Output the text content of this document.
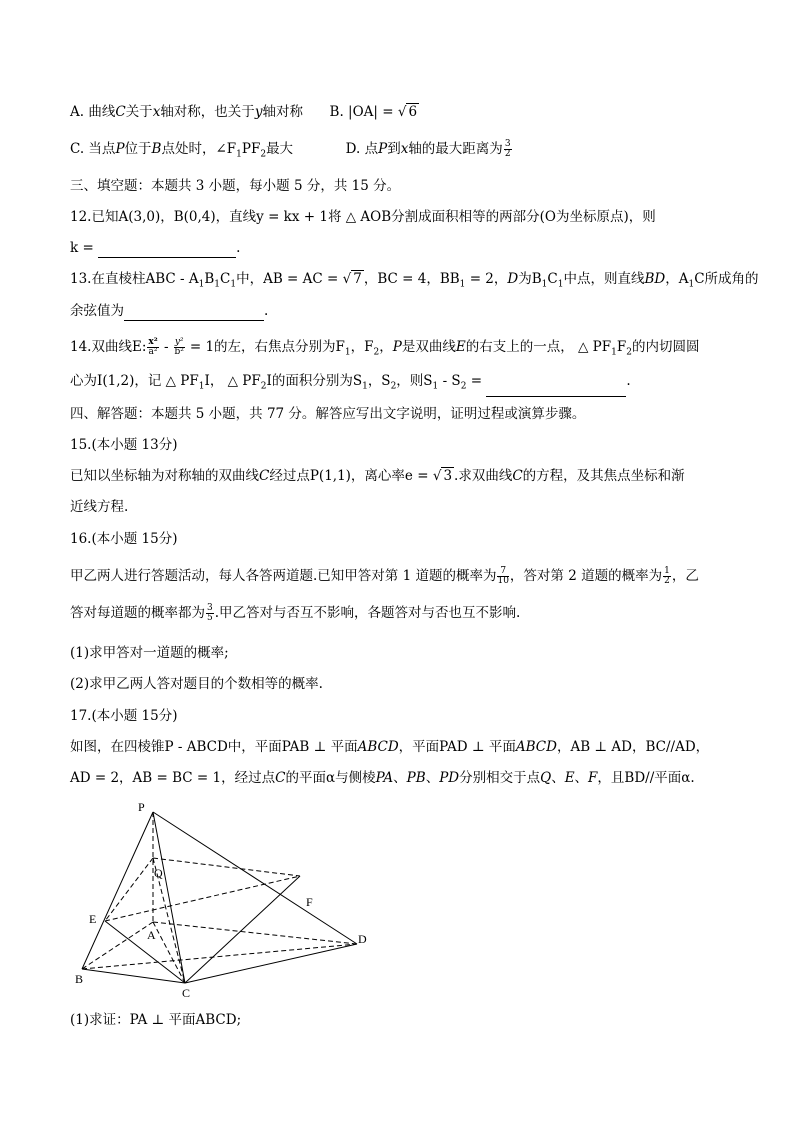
A. 曲线C关于x轴对称，也关于y轴对称 B. |OA| = √ 6
C. 当点P位于B点处时，$\angle F_1PF_2$最大	D. 点P到x轴的最大距离为 $\frac{3}{2}$
三、填空题：本题共 3 小题，每小题 5 分，共 15 分。
12.已知A(3,0)，B(0,4)，直线y = kx + 1将 △ AOB分割成面积相等的两部分(O为坐标原点)，则
k =	.
13.在直棱柱ABC - $A_1B_1C_1$中，AB = AC = √ 7 ，BC = 4，$BB_1 = 2$，D为$B_1C_1$中点，则直线BD，$A_1C$所成角的
余弦值为	.
14.双曲线E: $\frac{\text{x²}}{\text{a²}} - \frac{\text{y²}}{\text{b²}} = 1$的左，右焦点分别为$F_1$，$F_2$，P是双曲线E的右支上的一点， △ $PF_1F_2$的内切圆圆
心为I(1,2)，记 △ $PF_1I$， △ $PF_2I$的面积分别为$S_1$，$S_2$，则$S_1 - S_2$ =	.
四、解答题：本题共 5 小题，共 77 分。解答应写出文字说明，证明过程或演算步骤。
15.(本小题 13分)
已知以坐标轴为对称轴的双曲线C经过点P(1,1)，离心率e = √ 3 .求双曲线C的方程，及其焦点坐标和渐
近线方程.
16.(本小题 15分)
甲乙两人进行答题活动，每人各答两道题.已知甲答对第 1 道题的概率为 $\frac{7}{10}$ ，答对第 2 道题的概率为 $\frac{1}{2}$ ，乙
答对每道题的概率都为 $\frac{3}{5}$ .甲乙答对与否互不影响，各题答对与否也互不影响.
(1)求甲答对一道题的概率;
(2)求甲乙两人答对题目的个数相等的概率.
17.(本小题 15分)
如图，在四棱锥P - ABCD中，平面PAB ⊥ 平面ABCD，平面PAD ⊥ 平面ABCD，AB ⊥ AD，BC//AD，
AD = 2，AB = BC = 1，经过点C的平面α与侧棱PA、PB、PD分别相交于点Q、E、F，且BD//平面α.
P
Q
E
A
F
D
B
C
(1)求证：PA ⊥ 平面ABCD;
